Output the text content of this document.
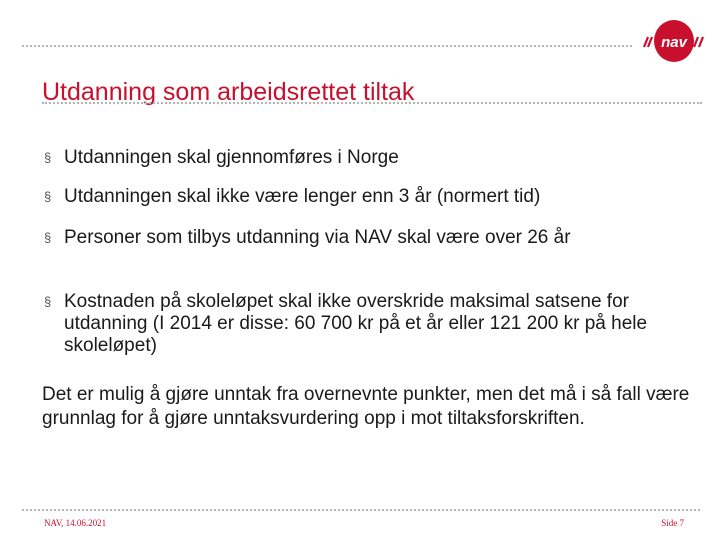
nav
Utdanning som arbeidsrettet tiltak
§ Utdanningen skal gjennomføres i Norge
§ Utdanningen skal ikke være lenger enn 3 år (normert tid)
§ Personer som tilbys utdanning via NAV skal være over 26 år
§ Kostnaden på skoleløpet skal ikke overskride maksimal satsene for utdanning (I 2014 er disse: 60 700 kr på et år eller 121 200 kr på hele skoleløpet)

Det er mulig å gjøre unntak fra overnevnte punkter, men det må i så fall være grunnlag for å gjøre unntaksvurdering opp i mot tiltaksforskriften.

NAV, 14.06.2021	Side 7
